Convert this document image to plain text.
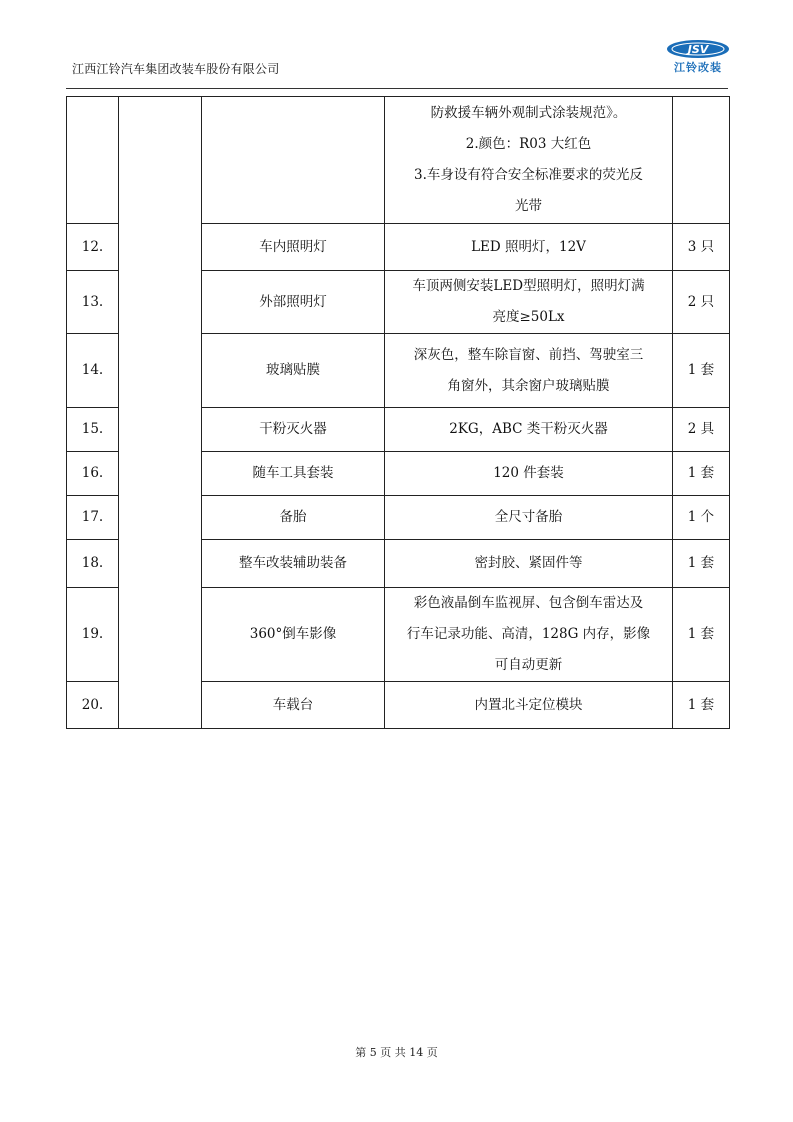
江西江铃汽车集团改装车股份有限公司
JSV
江铃改装

			防救援车辆外观制式涂装规范》。
2.颜色：R03 大红色
3.车身设有符合安全标准要求的荧光反
光带	

12.		车内照明灯	LED 照明灯，12V	3 只
13.		外部照明灯	车顶两侧安装LED型照明灯，照明灯满
亮度≥50Lx	2 只
14.		玻璃贴膜	深灰色，整车除盲窗、前挡、驾驶室三
角窗外，其余窗户玻璃贴膜	1 套
15.		干粉灭火器	2KG，ABC 类干粉灭火器	2 具
16.		随车工具套装	120 件套装	1 套
17.		备胎	全尺寸备胎	1 个
18.		整车改装辅助装备	密封胶、紧固件等	1 套
19.		360°倒车影像	彩色液晶倒车监视屏、包含倒车雷达及
行车记录功能、高清，128G 内存，影像
可自动更新	1 套
20.		车载台	内置北斗定位模块	1 套
第 5 页 共 14 页
